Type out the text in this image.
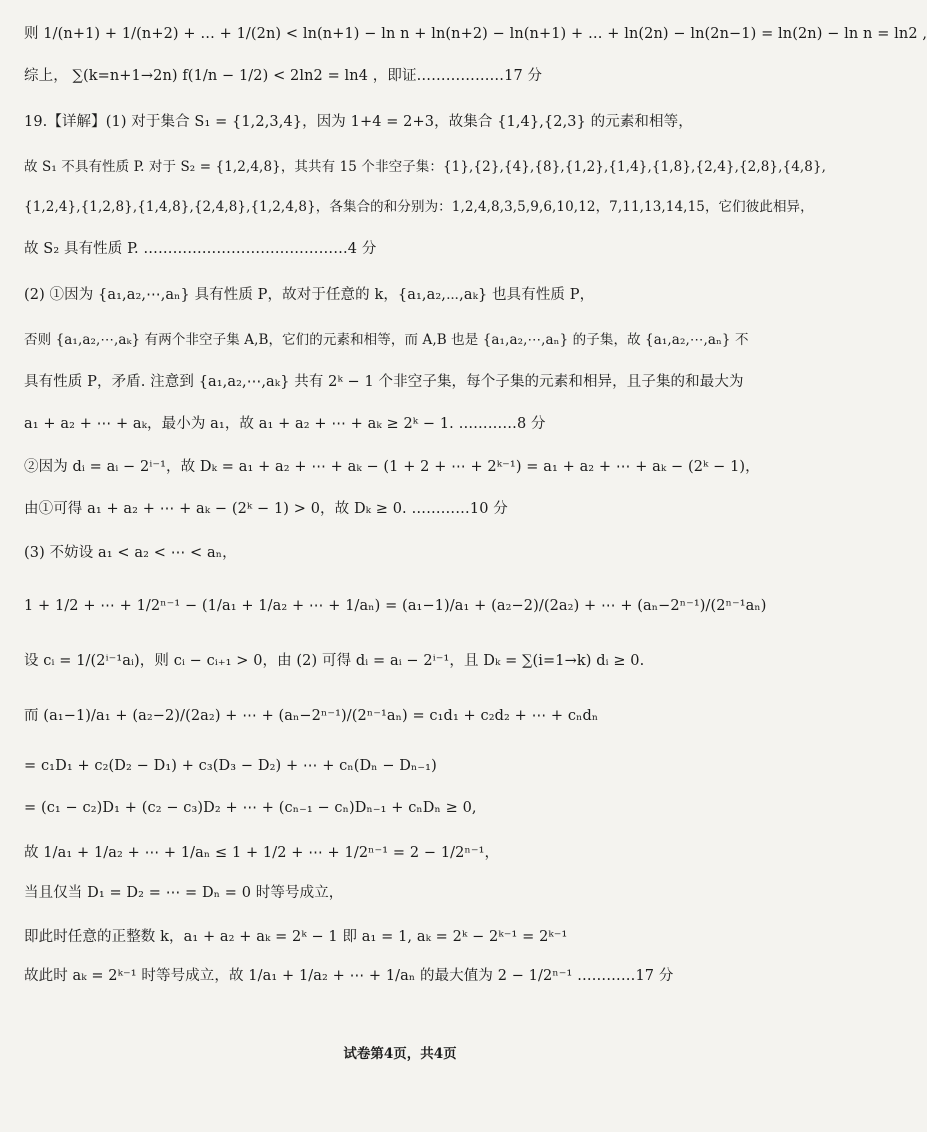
则 1/(n+1) + 1/(n+2) + … + 1/(2n) < ln(n+1) − ln n + ln(n+2) − ln(n+1) + … + ln(2n) − ln(2n−1) = ln(2n) − ln n = ln2 ,
综上， ∑(k=n+1→2n) f(1/n − 1/2) < 2ln2 = ln4 ，即证………………17 分
19.【详解】(1) 对于集合 S₁ = {1,2,3,4}，因为 1+4 = 2+3，故集合 {1,4},{2,3} 的元素和相等，
故 S₁ 不具有性质 P. 对于 S₂ = {1,2,4,8}，其共有 15 个非空子集：{1},{2},{4},{8},{1,2},{1,4},{1,8},{2,4},{2,8},{4,8},
{1,2,4},{1,2,8},{1,4,8},{2,4,8},{1,2,4,8}，各集合的和分别为：1,2,4,8,3,5,9,6,10,12，7,11,13,14,15，它们彼此相异，
故 S₂ 具有性质 P. ……………………………………4 分
(2) ①因为 {a₁,a₂,⋯,aₙ} 具有性质 P，故对于任意的 k，{a₁,a₂,⋯,aₖ} 也具有性质 P，
否则 {a₁,a₂,⋯,aₖ} 有两个非空子集 A,B，它们的元素和相等，而 A,B 也是 {a₁,a₂,⋯,aₙ} 的子集，故 {a₁,a₂,⋯,aₙ} 不
具有性质 P，矛盾. 注意到 {a₁,a₂,⋯,aₖ} 共有 2ᵏ − 1 个非空子集，每个子集的元素和相异，且子集的和最大为
a₁ + a₂ + ⋯ + aₖ，最小为 a₁，故 a₁ + a₂ + ⋯ + aₖ ≥ 2ᵏ − 1. …………8 分
②因为 dᵢ = aᵢ − 2ⁱ⁻¹，故 Dₖ = a₁ + a₂ + ⋯ + aₖ − (1 + 2 + ⋯ + 2ᵏ⁻¹) = a₁ + a₂ + ⋯ + aₖ − (2ᵏ − 1)，
由①可得 a₁ + a₂ + ⋯ + aₖ − (2ᵏ − 1) > 0，故 Dₖ ≥ 0. …………10 分
(3) 不妨设 a₁ < a₂ < ⋯ < aₙ，
1 + 1/2 + ⋯ + 1/2ⁿ⁻¹ − (1/a₁ + 1/a₂ + ⋯ + 1/aₙ) = (a₁−1)/a₁ + (a₂−2)/(2a₂) + ⋯ + (aₙ−2ⁿ⁻¹)/(2ⁿ⁻¹aₙ)
设 cᵢ = 1/(2ⁱ⁻¹aᵢ)，则 cᵢ − cᵢ₊₁ > 0，由 (2) 可得 dᵢ = aᵢ − 2ⁱ⁻¹，且 Dₖ = ∑(i=1→k) dᵢ ≥ 0.
而 (a₁−1)/a₁ + (a₂−2)/(2a₂) + ⋯ + (aₙ−2ⁿ⁻¹)/(2ⁿ⁻¹aₙ) = c₁d₁ + c₂d₂ + ⋯ + cₙdₙ
= c₁D₁ + c₂(D₂ − D₁) + c₃(D₃ − D₂) + ⋯ + cₙ(Dₙ − Dₙ₋₁)
= (c₁ − c₂)D₁ + (c₂ − c₃)D₂ + ⋯ + (cₙ₋₁ − cₙ)Dₙ₋₁ + cₙDₙ ≥ 0,
故 1/a₁ + 1/a₂ + ⋯ + 1/aₙ ≤ 1 + 1/2 + ⋯ + 1/2ⁿ⁻¹ = 2 − 1/2ⁿ⁻¹，
当且仅当 D₁ = D₂ = ⋯ = Dₙ = 0 时等号成立，
即此时任意的正整数 k，a₁ + a₂ + aₖ = 2ᵏ − 1 即 a₁ = 1, aₖ = 2ᵏ − 2ᵏ⁻¹ = 2ᵏ⁻¹
故此时 aₖ = 2ᵏ⁻¹ 时等号成立，故 1/a₁ + 1/a₂ + ⋯ + 1/aₙ 的最大值为 2 − 1/2ⁿ⁻¹ …………17 分
试卷第4页，共4页
